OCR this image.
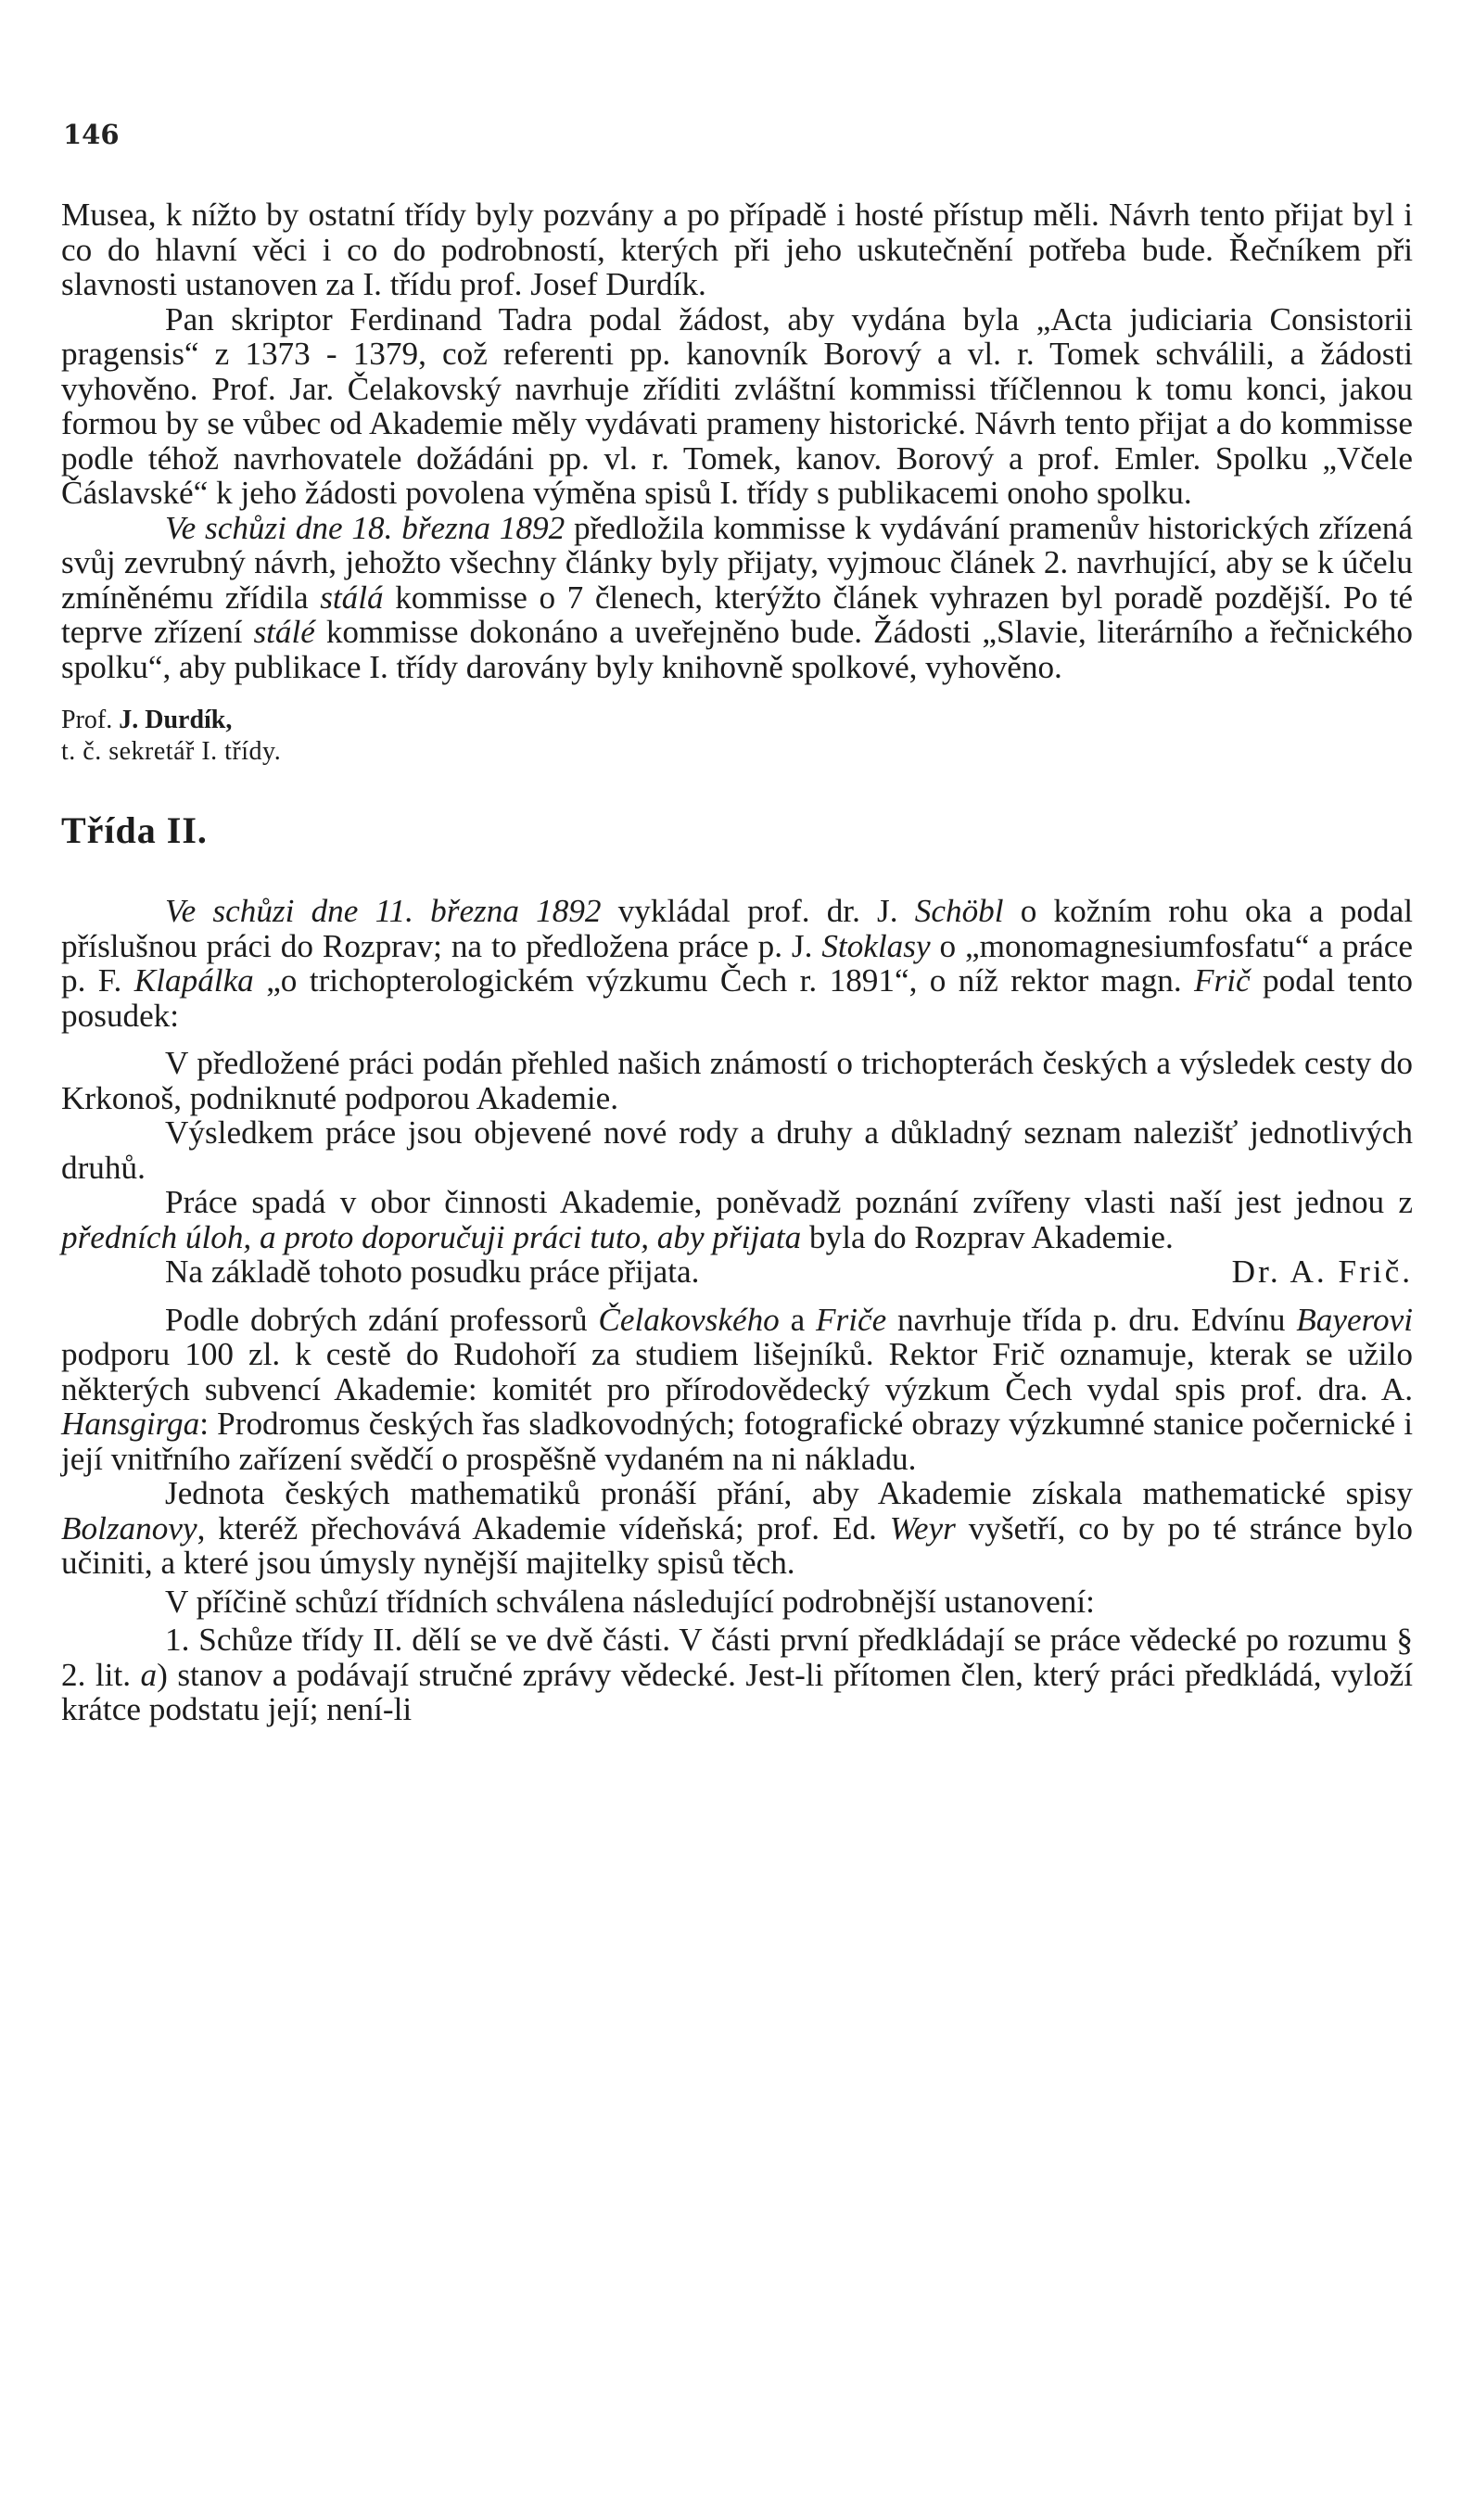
146

Musea, k nížto by ostatní třídy byly pozvány a po případě i hosté přístup měli. Návrh tento přijat byl i co do hlavní věci i co do podrobností, kterých při jeho uskutečnění potřeba bude. Řečníkem při slavnosti ustanoven za I. třídu prof. Josef Durdík.

Pan skriptor Ferdinand Tadra podal žádost, aby vydána byla „Acta judiciaria Consistorii pragensis“ z 1373 - 1379, což referenti pp. kanovník Borový a vl. r. Tomek schválili, a žádosti vyhověno. Prof. Jar. Čelakovský navrhuje zříditi zvláštní kommissi tříčlennou k tomu konci, jakou formou by se vůbec od Akademie měly vydávati prameny historické. Návrh tento přijat a do kommisse podle téhož navrhovatele dožádáni pp. vl. r. Tomek, kanov. Borový a prof. Emler. Spolku „Včele Čáslavské“ k jeho žádosti povolena výměna spisů I. třídy s publikacemi onoho spolku.

Ve schůzi dne 18. března 1892 předložila kommisse k vydávání pramenův historických zřízená svůj zevrubný návrh, jehožto všechny články byly přijaty, vyjmouc článek 2. navrhující, aby se k účelu zmíněnému zřídila stálá kommisse o 7 členech, kterýžto článek vyhrazen byl poradě pozdější. Po té teprve zřízení stálé kommisse dokonáno a uveřejněno bude. Žádosti „Slavie, literárního a řečnického spolku“, aby publikace I. třídy darovány byly knihovně spolkové, vyhověno.

Prof. J. Durdík,
t. č. sekretář I. třídy.

Třída II.

Ve schůzi dne 11. března 1892 vykládal prof. dr. J. Schöbl o kožním rohu oka a podal příslušnou práci do Rozprav; na to předložena práce p. J. Stoklasy o „monomagnesiumfosfatu“ a práce p. F. Klapálka „o trichopterologickém výzkumu Čech r. 1891“, o níž rektor magn. Frič podal tento posudek:

V předložené práci podán přehled našich známostí o trichopterách českých a výsledek cesty do Krkonoš, podniknuté podporou Akademie.

Výsledkem práce jsou objevené nové rody a druhy a důkladný seznam nalezišť jednotlivých druhů.

Práce spadá v obor činnosti Akademie, poněvadž poznání zvířeny vlasti naší jest jednou z předních úloh, a proto doporučuji práci tuto, aby přijata byla do Rozprav Akademie.
Dr. A. Frič.

Na základě tohoto posudku práce přijata.

Podle dobrých zdání professorů Čelakovského a Friče navrhuje třída p. dru. Edvínu Bayerovi podporu 100 zl. k cestě do Rudohoří za studiem lišejníků. Rektor Frič oznamuje, kterak se užilo některých subvencí Akademie: komitét pro přírodovědecký výzkum Čech vydal spis prof. dra. A. Hansgirga: Prodromus českých řas sladkovodných; fotografické obrazy výzkumné stanice počernické i její vnitřního zařízení svědčí o prospěšně vydaném na ni nákladu.

Jednota českých mathematiků pronáší přání, aby Akademie získala mathematické spisy Bolzanovy, kteréž přechovává Akademie vídeňská; prof. Ed. Weyr vyšetří, co by po té stránce bylo učiniti, a které jsou úmysly nynější majitelky spisů těch.

V příčině schůzí třídních schválena následující podrobnější ustanovení:

1. Schůze třídy II. dělí se ve dvě části. V části první předkládají se práce vědecké po rozumu § 2. lit. a) stanov a podávají stručné zprávy vědecké. Jest-li přítomen člen, který práci předkládá, vyloží krátce podstatu její; není-li
